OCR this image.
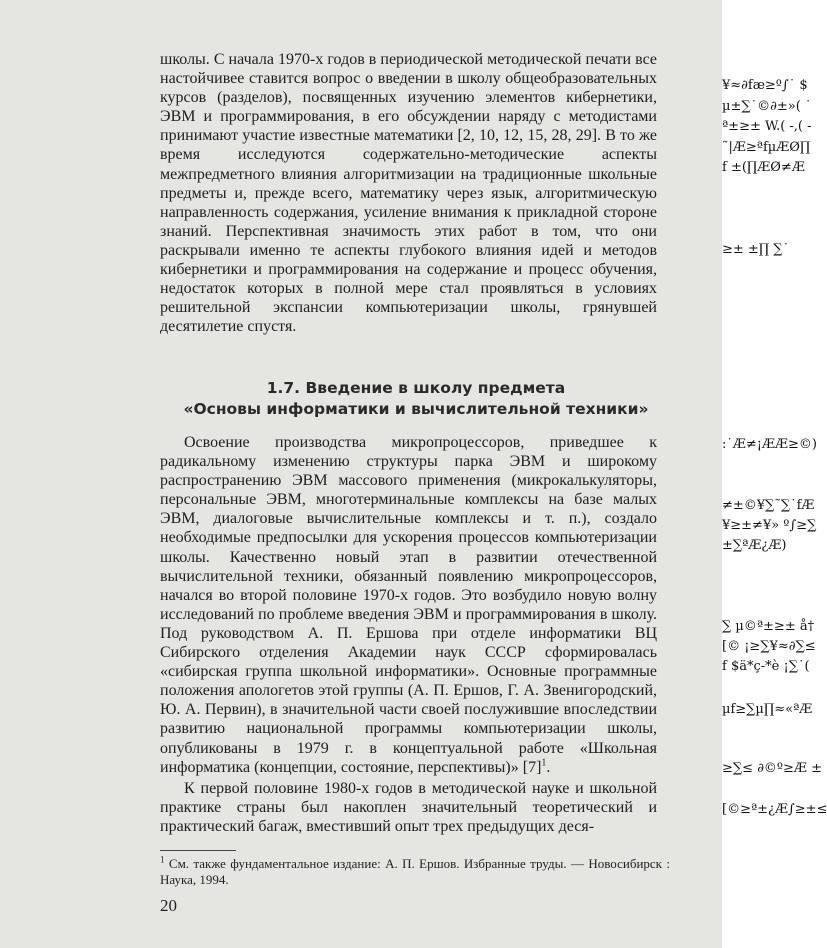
школы. С начала 1970-х годов в периодической методической печати все настойчивее ставится вопрос о введении в школу общеобразовательных курсов (разделов), посвященных изучению элементов кибернетики, ЭВМ и программирования, в его обсуждении наряду с методистами принимают участие известные математики [2, 10, 12, 15, 28, 29]. В то же время исследуются содержательно-методические аспекты межпредметного влияния алгоритмизации на традиционные школьные предметы и, прежде всего, математику через язык, алгоритмическую направленность содержания, усиление внимания к прикладной стороне знаний. Перспективная значимость этих работ в том, что они раскрывали именно те аспекты глубокого влияния идей и методов кибернетики и программирования на содержание и процесс обучения, недостаток которых в полной мере стал проявляться в условиях решительной экспансии компьютеризации школы, грянувшей десятилетие спустя.

1.7. Введение в школу предмета
«Основы информатики и вычислительной техники»

Освоение производства микропроцессоров, приведшее к радикальному изменению структуры парка ЭВМ и широкому распространению ЭВМ массового применения (микрокалькуляторы, персональные ЭВМ, многотерминальные комплексы на базе малых ЭВМ, диалоговые вычислительные комплексы и т. п.), создало необходимые предпосылки для ускорения процессов компьютеризации школы. Качественно новый этап в развитии отечественной вычислительной техники, обязанный появлению микропроцессоров, начался во второй половине 1970-х годов. Это возбудило новую волну исследований по проблеме введения ЭВМ и программирования в школу. Под руководством А. П. Ершова при отделе информатики ВЦ Сибирского отделения Академии наук СССР сформировалась «сибирская группа школьной информатики». Основные программные положения апологетов этой группы (А. П. Ершов, Г. А. Звенигородский, Ю. А. Первин), в значительной части своей послужившие впоследствии развитию национальной программы компьютеризации школы, опубликованы в 1979 г. в концептуальной работе «Школьная информатика (концепции, состояние, перспективы)» $[7]^1$.

К первой половине 1980-х годов в методической науке и школьной практике страны был накоплен значительный теоретический и практический багаж, вместивший опыт трех предыдущих деся-

$^1$ См. также фундаментальное издание: А. П. Ершов. Избранные труды. — Новосибирск : Наука, 1994.
20
¥≈∂fæ≥º∫˙ $
µ±∑˙©∂±»( ˙
ª±≥± W.( -,( -
˜|Æ≥ªfµÆØ∏
f ±(∏ÆØ≠Æ
≥± ±∏ ∑˙
:˙Æ≠¡ÆÆ≥©)
≠±©¥∑˜∑˙fÆ
¥≥±≠¥» º∫≥∑
±∑ªÆ¿Æ)
∑ µ©ª±≥± å†
[© ¡≥∑¥≈∂∑≤
f $ä*ç-*è ¡∑˙(
µf≥∑µ∏≈«ªÆ
≥∑≤ ∂©º≥Æ ±
[©≥ª±¿Æ∫≥±≤
